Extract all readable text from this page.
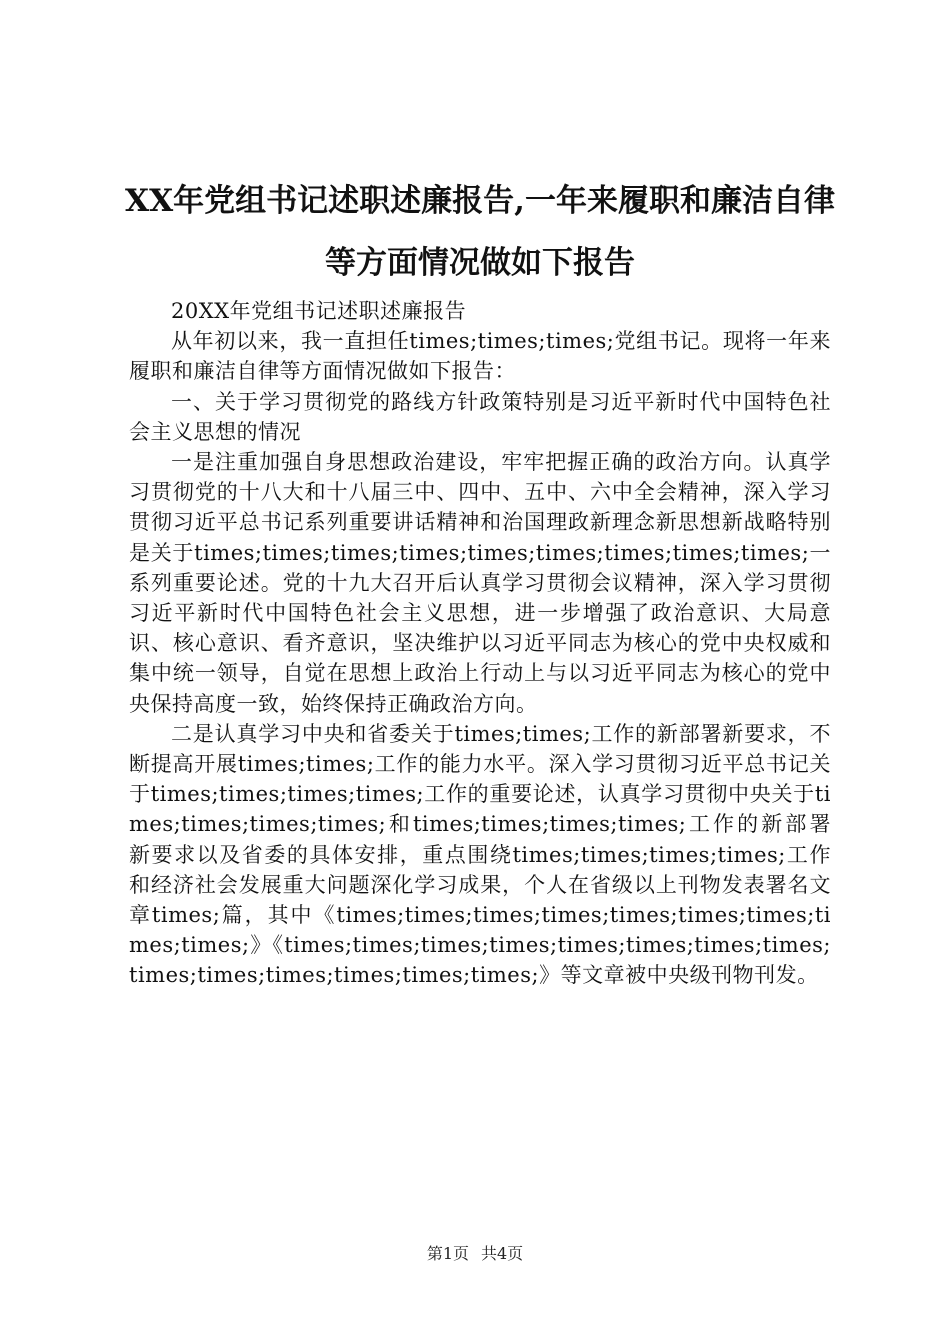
XX年党组书记述职述廉报告,一年来履职和廉洁自律等方面情况做如下报告

20XX年党组书记述职述廉报告

从年初以来，我一直担任times;times;times;党组书记。现将一年来履职和廉洁自律等方面情况做如下报告：

一、关于学习贯彻党的路线方针政策特别是习近平新时代中国特色社会主义思想的情况

一是注重加强自身思想政治建设，牢牢把握正确的政治方向。认真学习贯彻党的十八大和十八届三中、四中、五中、六中全会精神，深入学习贯彻习近平总书记系列重要讲话精神和治国理政新理念新思想新战略特别是关于times;times;times;times;times;times;times;times;times;一系列重要论述。党的十九大召开后认真学习贯彻会议精神，深入学习贯彻习近平新时代中国特色社会主义思想，进一步增强了政治意识、大局意识、核心意识、看齐意识，坚决维护以习近平同志为核心的党中央权威和集中统一领导，自觉在思想上政治上行动上与以习近平同志为核心的党中央保持高度一致，始终保持正确政治方向。

二是认真学习中央和省委关于times;times;工作的新部署新要求，不断提高开展times;times;工作的能力水平。深入学习贯彻习近平总书记关于times;times;times;times;工作的重要论述，认真学习贯彻中央关于times;times;times;times;和times;times;times;times;工作的新部署新要求以及省委的具体安排，重点围绕times;times;times;times;工作和经济社会发展重大问题深化学习成果，个人在省级以上刊物发表署名文章times;篇，其中《times;times;times;times;times;times;times;times;times;》《times;times;times;times;times;times;times;times;times;times;times;times;times;times;》等文章被中央级刊物刊发。

第1页 共4页
